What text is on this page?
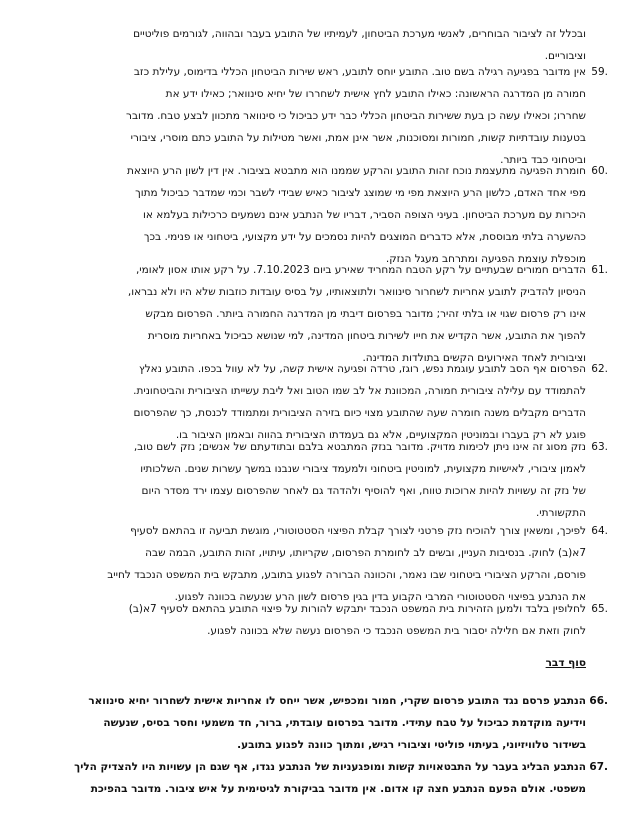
ובכלל זה לציבור הבוחרים, לאנשי מערכת הביטחון, לעמיתיו של התובע בעבר ובהווה, לגורמים פוליטיים
וציבוריים.
59.
אין מדובר בפגיעה רגילה בשם טוב. התובע יוחס לתובע, ראש שירות הביטחון הכללי בדימוס, עלילת כזב
חמורה מן המדרגה הראשונה: כאילו התובע לחץ אישית לשחררו של יחיא סינוואר; כאילו ידע את
שחררו; וכאילו עשה כן בעת ששירות הביטחון הכללי כבר ידע כביכול כי סינוואר מתכוון לבצע טבח. מדובר
בטענות עובדתיות קשות, חמורות ומסוכנות, אשר אינן אמת, ואשר מטילות על התובע כתם מוסרי, ציבורי
וביטחוני כבד ביותר.
60.
חומרת הפגיעה מתעצמת נוכח זהות התובע והרקע שממנו הוא מתבטא בציבור. אין דין לשון הרע היוצאת
מפי אחד האדם, כלשון הרע היוצאת מפי מי שמוצג לציבור כאיש שבידי לשבר וכמי שמדבר כביכול מתוך
היכרות עם מערכת הביטחון. בעיני הצופה הסביר, דבריו של הנתבע אינם נשמעים כרכילות בעלמא או
כהשערה בלתי מבוססת, אלא כדברים המוצגים להיות נסמכים על ידע מקצועי, ביטחוני או פנימי. בכך
מוכפלת עוצמת הפגיעה ומתרחב מעגל הנזק.
61.
הדברים חמורים שבעתיים על רקע הטבח המחריד שאירע ביום 7.10.2023. על רקע אותו אסון לאומי,
הניסיון להדביק לתובע אחריות לשחרור סינוואר ולתוצאותיו, על בסיס עובדות כוזבות שלא היו ולא נבראו,
אינו רק פרסום שגוי או בלתי זהיר; מדובר בפרסום דיבתי מן המדרגה החמורה ביותר. הפרסום מבקש
להפוך את התובע, אשר הקדיש את חייו לשירות ביטחון המדינה, למי שנושא כביכול באחריות מוסרית
וציבורית לאחד האירועים הקשים בתולדות המדינה.
62.
הפרסום אף הסב לתובע עוגמת נפש, רוגז, טרדה ופגיעה אישית קשה, על לא עוול בכפו. התובע נאלץ
להתמודד עם עלילה ציבורית חמורה, המכוונת אל לב שמו הטוב ואל ליבת עשייתו הציבורית והביטחונית.
הדברים מקבלים משנה חומרה שעה שהתובע מצוי כיום בזירה הציבורית ומתמודד לכנסת, כך שהפרסום
פוגע לא רק בעברו ובמוניטין המקצועיים, אלא גם בעמדתו הציבורית בהווה ובאמון הציבור בו.
63.
נזק מסוג זה אינו ניתן לכימות מדויק. מדובר בנזק המתבטא בלבם ובתודעתם של אנשים; נזק לשם טוב,
לאמון ציבורי, לאישיות מקצועית, למוניטין ביטחוני ולמעמד ציבורי שנבנו במשך עשרות שנים. השלכותיו
של נזק זה עשויות להיות ארוכות טווח, ואף להוסיף ולהדהד גם לאחר שהפרסום עצמו ירד מסדר היום
התקשורתי.
64.
לפיכך, ומשאין צורך להוכיח נזק פרטני לצורך קבלת הפיצוי הסטטוטורי, מוגשת תביעה זו בהתאם לסעיף
7א(ב) לחוק. בנסיבות העניין, ובשים לב לחומרת הפרסום, שקריותו, עיתויו, זהות התובע, הבמה שבה
פורסם, והרקע הציבורי ביטחוני שבו נאמר, והכוונה הברורה לפגוע בתובע, מתבקש בית המשפט הנכבד לחייב
את הנתבע בפיצוי הסטטוטורי המרבי הקבוע בדין בגין פרסום לשון הרע שנעשה בכוונה לפגוע.
65.
לחלופין בלבד ולמען הזהירות בית המשפט הנכבד יתבקש להורות על פיצוי התובע בהתאם לסעיף 7א(ב)
לחוק וזאת אם חלילה יסבור בית המשפט הנכבד כי הפרסום נעשה שלא בכוונה לפגוע.
סוף דבר
66.
הנתבע פרסם נגד התובע פרסום שקרי, חמור ומכפיש, אשר ייחס לו אחריות אישית לשחרור יחיא סינוואר
וידיעה מוקדמת כביכול על טבח עתידי. מדובר בפרסום עובדתי, ברור, חד משמעי וחסר בסיס, שנעשה
בשידור טלוויזיוני, בעיתוי פוליטי וציבורי רגיש, ומתוך כוונה לפגוע בתובע.
67.
הנתבע הבליג בעבר על התבטאויות קשות ומופגעניות של הנתבע נגדו, אף שגם הן עשויות היו להצדיק הליך
משפטי. אולם הפעם הנתבע חצה קו אדום. אין מדובר בביקורת לגיטימית על איש ציבור. מדובר בהפיכת
